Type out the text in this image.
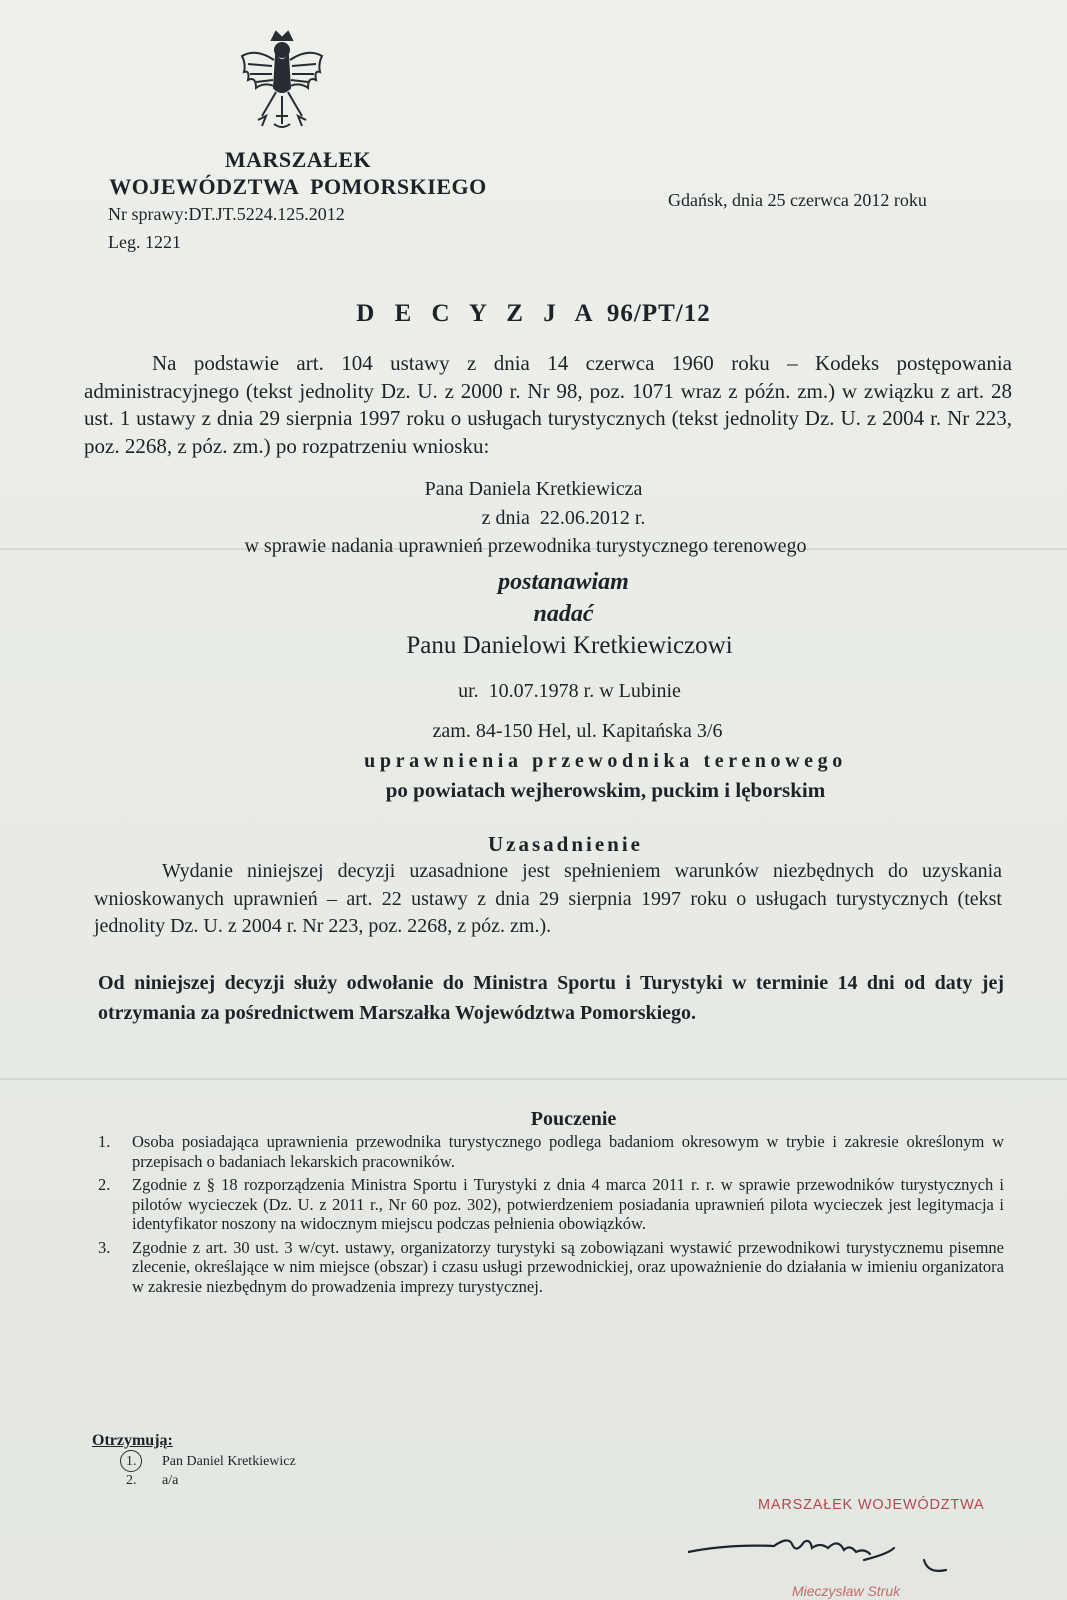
MARSZAŁEK
WOJEWÓDZTWA  POMORSKIEGO
Nr sprawy:DT.JT.5224.125.2012
Leg. 1221
Gdańsk, dnia 25 czerwca 2012 roku
D E C Y Z J A 96/PT/12
Na podstawie art. 104 ustawy z dnia 14 czerwca 1960 roku – Kodeks postępowania administracyjnego (tekst jednolity Dz. U. z 2000 r. Nr 98, poz. 1071 wraz z późn. zm.) w związku z art. 28 ust. 1 ustawy z dnia 29 sierpnia 1997 roku o usługach turystycznych (tekst jednolity Dz. U. z 2004 r. Nr 223, poz. 2268, z póz. zm.) po rozpatrzeniu wniosku:
Pana Daniela Kretkiewicza
z dnia  22.06.2012 r.
w sprawie nadania uprawnień przewodnika turystycznego terenowego
postanawiam
nadać
Panu Danielowi Kretkiewiczowi
ur.  10.07.1978 r. w Lubinie
zam. 84-150 Hel, ul. Kapitańska 3/6
uprawnienia przewodnika terenowego
po powiatach wejherowskim, puckim i lęborskim
Uzasadnienie
Wydanie niniejszej decyzji uzasadnione jest spełnieniem warunków niezbędnych do uzyskania wnioskowanych uprawnień – art. 22 ustawy z dnia 29 sierpnia 1997 roku o usługach turystycznych (tekst jednolity Dz. U. z 2004 r. Nr 223, poz. 2268, z póz. zm.).
Od niniejszej decyzji służy odwołanie do Ministra Sportu i Turystyki w terminie 14 dni od daty jej otrzymania za pośrednictwem Marszałka Województwa Pomorskiego.
Pouczenie
1. Osoba posiadająca uprawnienia przewodnika turystycznego podlega badaniom okresowym w trybie i zakresie określonym w przepisach o badaniach lekarskich pracowników.
2. Zgodnie z § 18 rozporządzenia Ministra Sportu i Turystyki z dnia 4 marca 2011 r. r. w sprawie przewodników turystycznych i pilotów wycieczek (Dz. U. z 2011 r., Nr 60 poz. 302), potwierdzeniem posiadania uprawnień pilota wycieczek jest legitymacja i identyfikator noszony na widocznym miejscu podczas pełnienia obowiązków.
3. Zgodnie z art. 30 ust. 3 w/cyt. ustawy, organizatorzy turystyki są zobowiązani wystawić przewodnikowi turystycznemu pisemne zlecenie, określające w nim miejsce (obszar) i czasu usługi przewodnickiej, oraz upoważnienie do działania w imieniu organizatora w zakresie niezbędnym do prowadzenia imprezy turystycznej.
Otrzymują:
1. Pan Daniel Kretkiewicz
2. a/a
MARSZAŁEK WOJEWÓDZTWA
Mieczysław Struk
